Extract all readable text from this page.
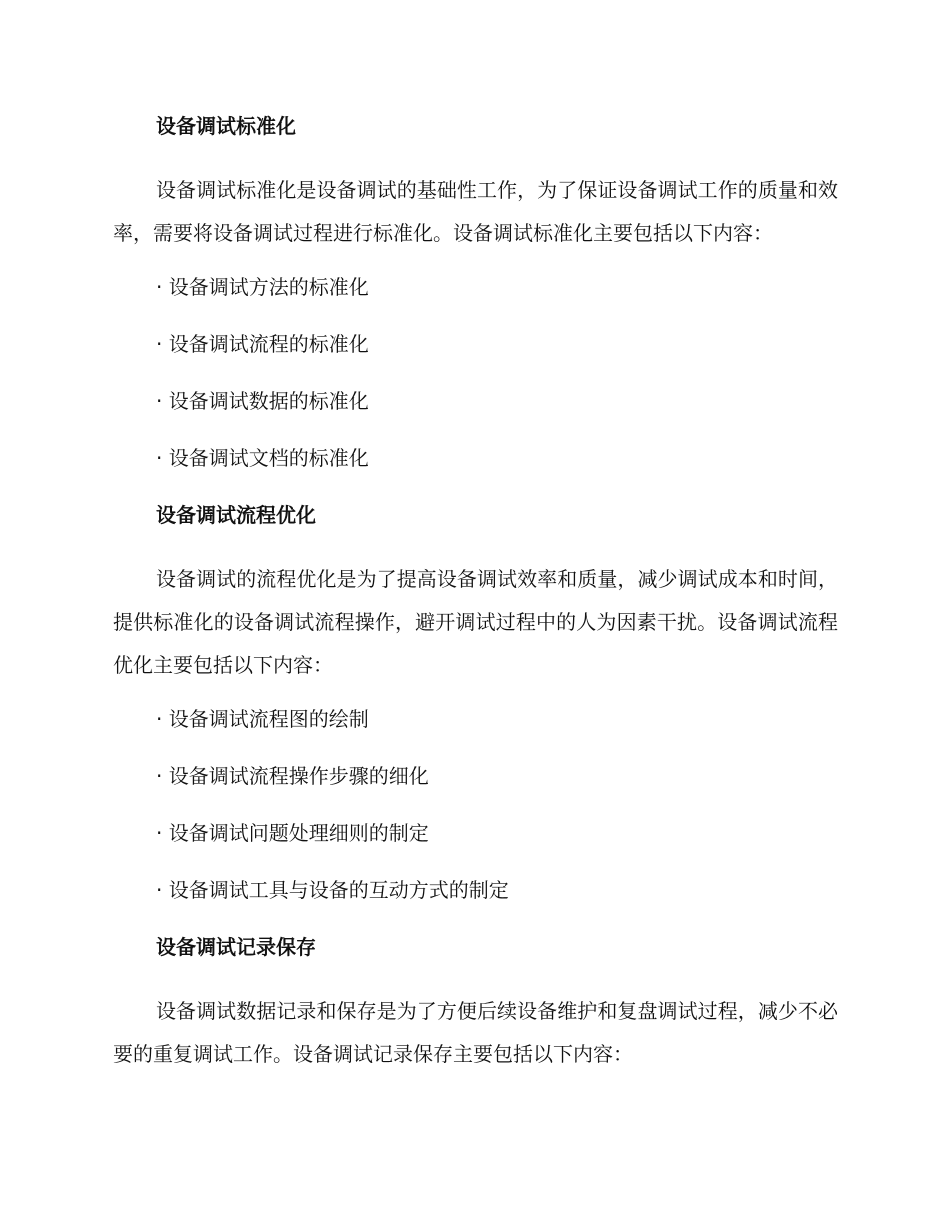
设备调试标准化
设备调试标准化是设备调试的基础性工作，为了保证设备调试工作的质量和效率，需要将设备调试过程进行标准化。设备调试标准化主要包括以下内容：
· 设备调试方法的标准化
· 设备调试流程的标准化
· 设备调试数据的标准化
· 设备调试文档的标准化
设备调试流程优化
设备调试的流程优化是为了提高设备调试效率和质量，减少调试成本和时间，提供标准化的设备调试流程操作，避开调试过程中的人为因素干扰。设备调试流程优化主要包括以下内容：
· 设备调试流程图的绘制
· 设备调试流程操作步骤的细化
· 设备调试问题处理细则的制定
· 设备调试工具与设备的互动方式的制定
设备调试记录保存
设备调试数据记录和保存是为了方便后续设备维护和复盘调试过程，减少不必要的重复调试工作。设备调试记录保存主要包括以下内容：
